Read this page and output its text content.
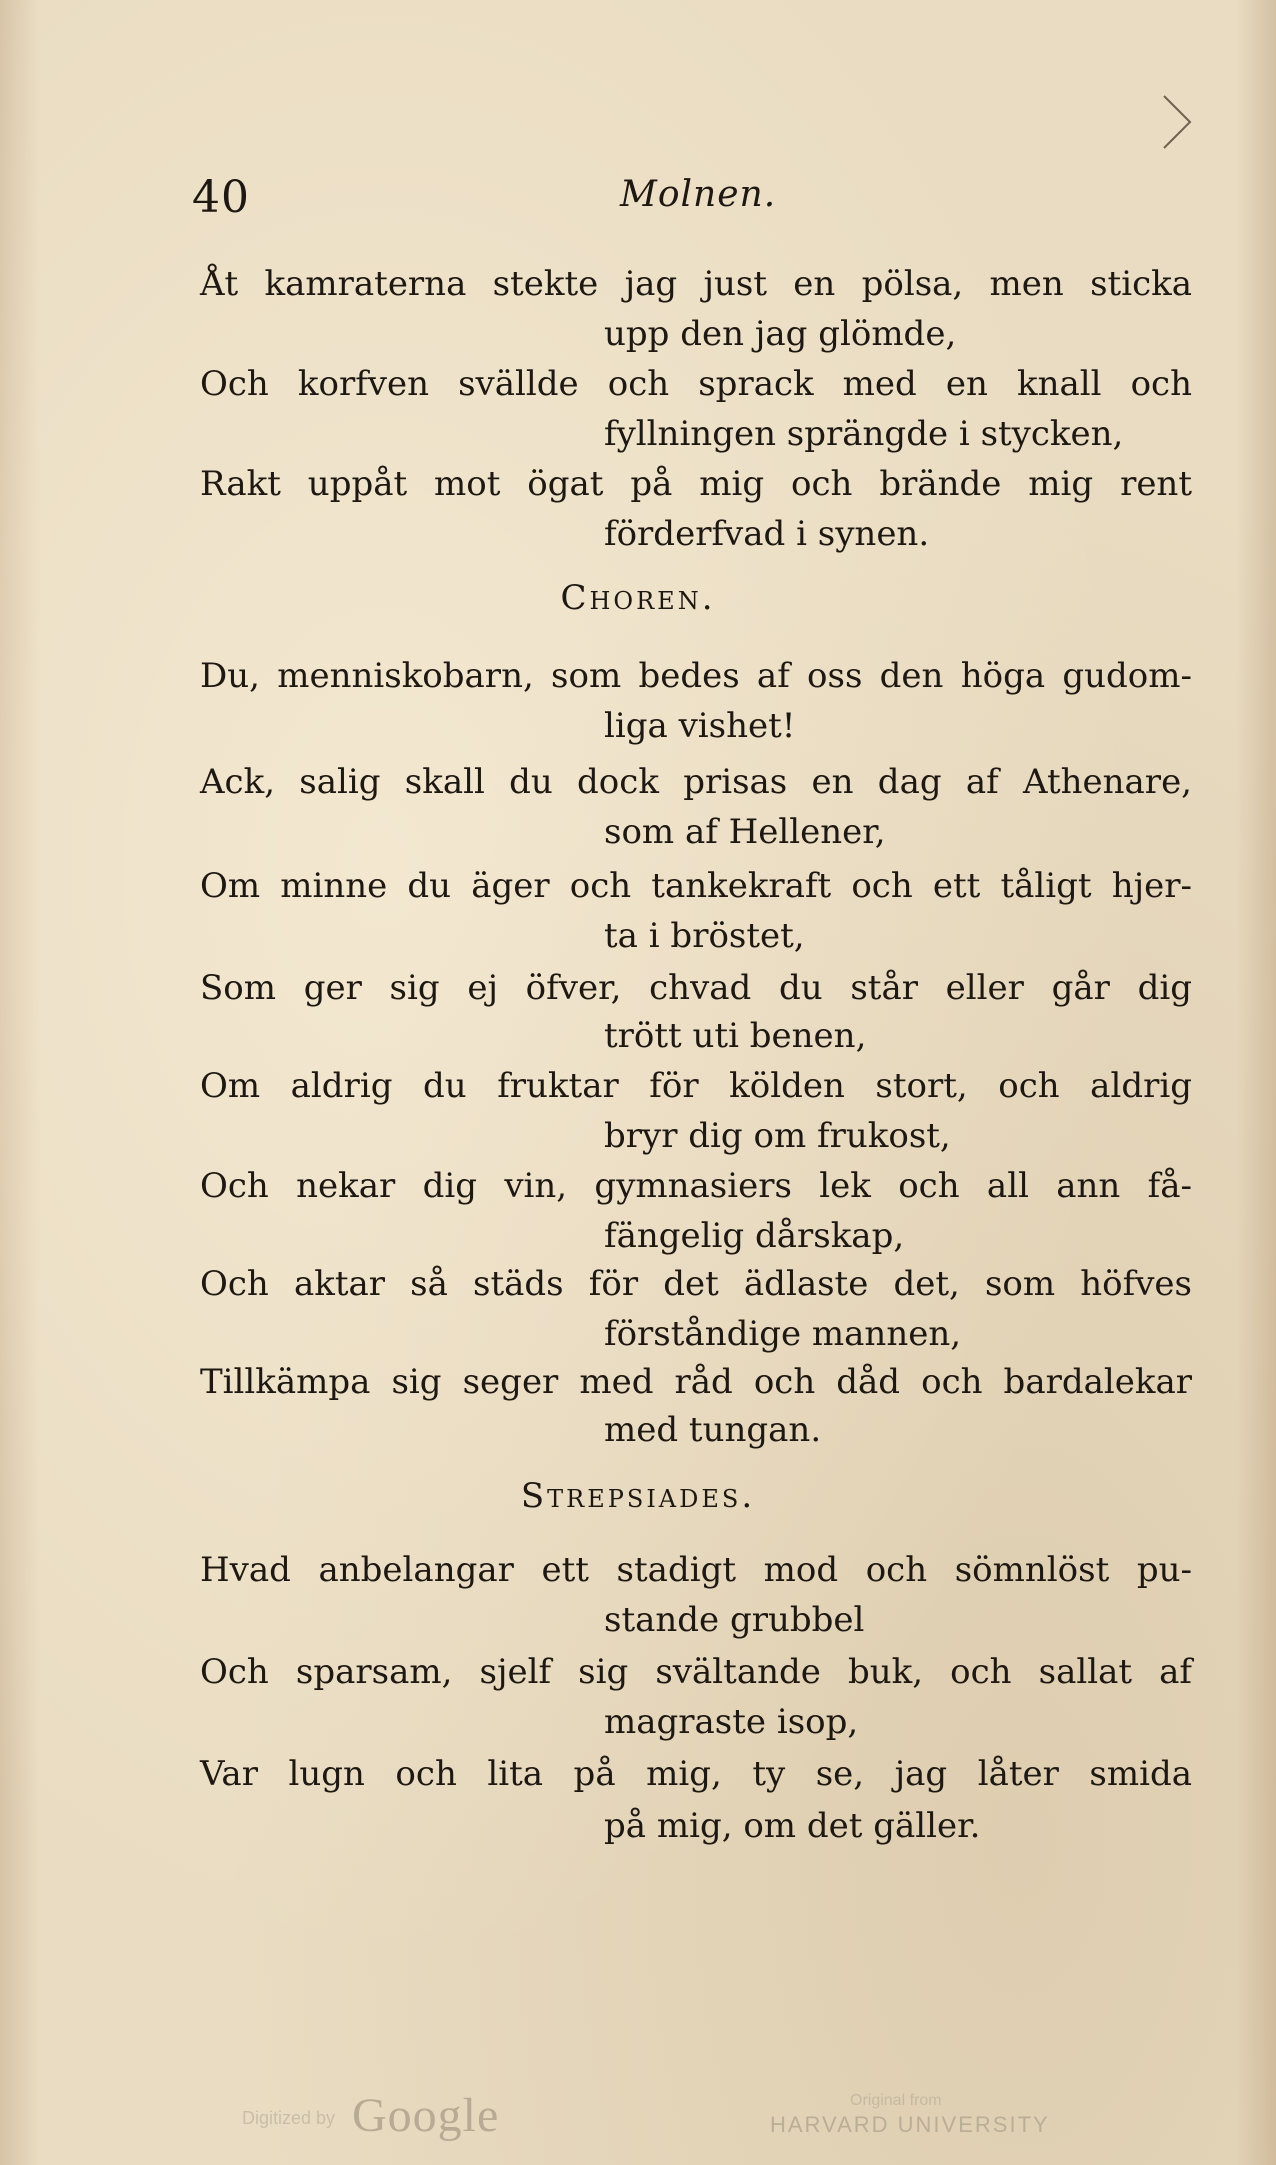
40	Molnen.
Åt kamraterna stekte jag just en pölsa, men sticka
upp den jag glömde,
Och korfven svällde och sprack med en knall och
fyllningen sprängde i stycken,
Rakt uppåt mot ögat på mig och brände mig rent
förderfvad i synen.
Choren.
Du, menniskobarn, som bedes af oss den höga gudom-
liga vishet!
Ack, salig skall du dock prisas en dag af Athenare,
som af Hellener,
Om minne du äger och tankekraft och ett tåligt hjer-
ta i bröstet,
Som ger sig ej öfver, chvad du står eller går dig
trött uti benen,
Om aldrig du fruktar för kölden stort, och aldrig
bryr dig om frukost,
Och nekar dig vin, gymnasiers lek och all ann få-
fängelig dårskap,
Och aktar så städs för det ädlaste det, som höfves
förståndige mannen,
Tillkämpa sig seger med råd och dåd och bardalekar
med tungan.
Strepsiades.
Hvad anbelangar ett stadigt mod och sömnlöst pu-
stande grubbel
Och sparsam, sjelf sig svältande buk, och sallat af
magraste isop,
Var lugn och lita på mig, ty se, jag låter smida
på mig, om det gäller.
Digitized by Google	Original from
HARVARD UNIVERSITY
